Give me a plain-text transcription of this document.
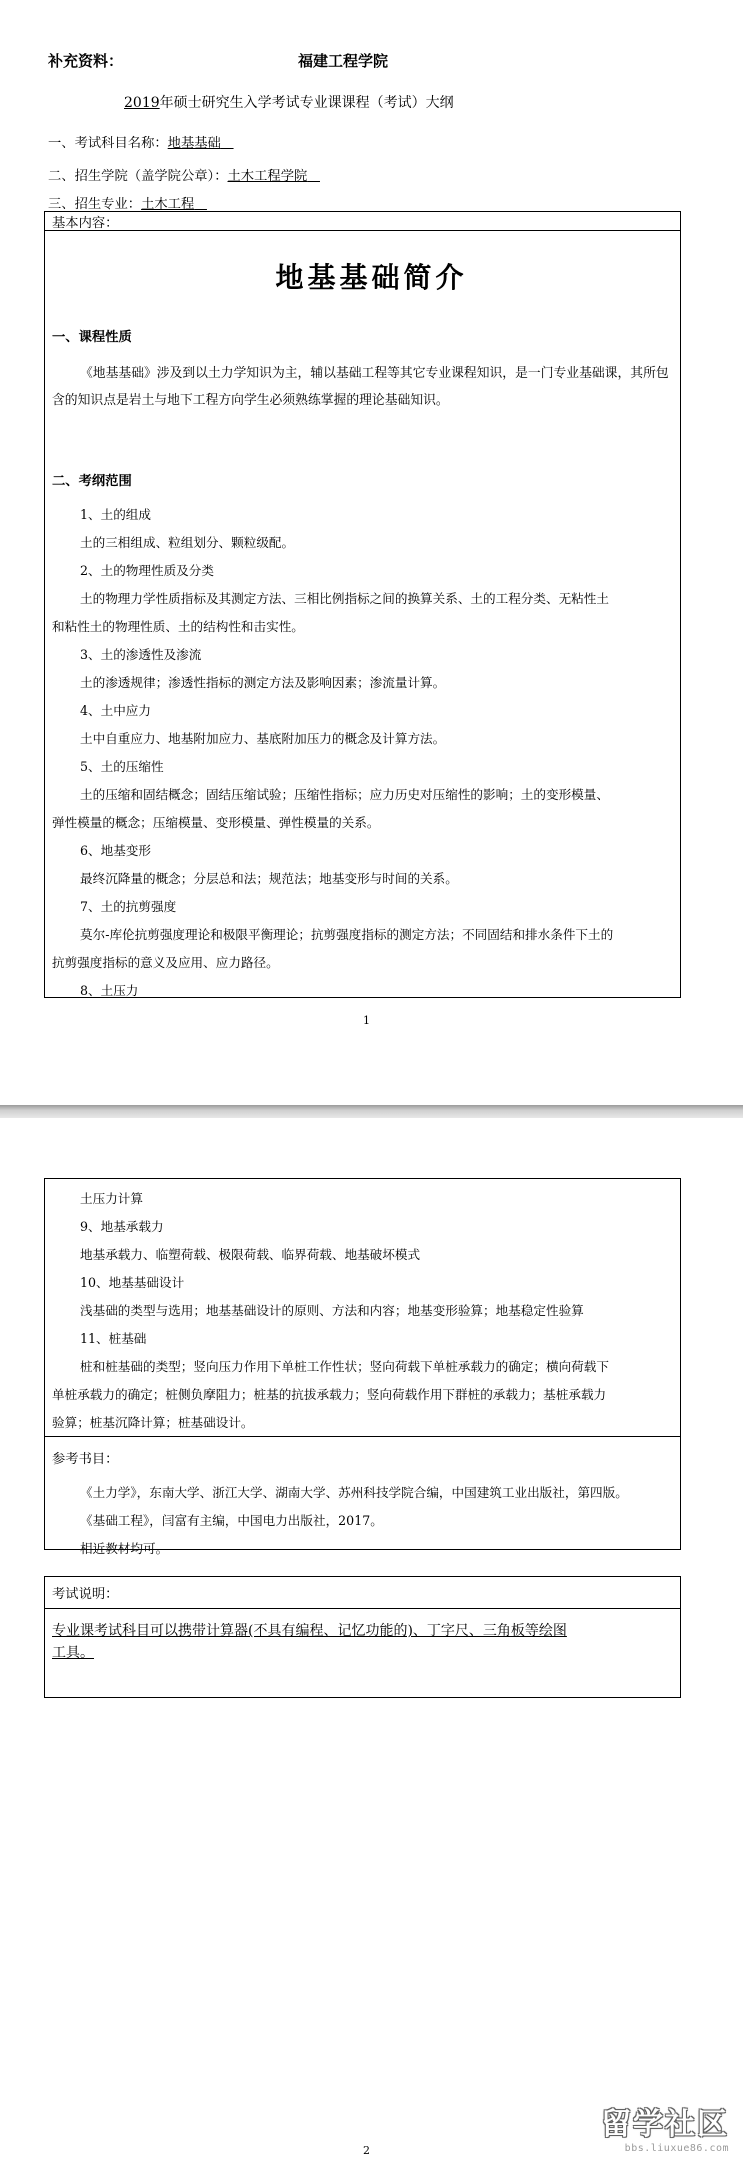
补充资料：	福建工程学院
2019年硕士研究生入学考试专业课课程（考试）大纲
一、考试科目名称：地基基础
二、招生学院（盖学院公章）：土木工程学院
三、招生专业：土木工程
基本内容：
地基基础简介
一、课程性质
《地基基础》涉及到以土力学知识为主，辅以基础工程等其它专业课程知识，是一门专业基础课，其所包含的知识点是岩土与地下工程方向学生必须熟练掌握的理论基础知识。
二、考纲范围
1、土的组成
土的三相组成、粒组划分、颗粒级配。
2、土的物理性质及分类
土的物理力学性质指标及其测定方法、三相比例指标之间的换算关系、土的工程分类、无粘性土
和粘性土的物理性质、土的结构性和击实性。
3、土的渗透性及渗流
土的渗透规律；渗透性指标的测定方法及影响因素；渗流量计算。
4、土中应力
土中自重应力、地基附加应力、基底附加压力的概念及计算方法。
5、土的压缩性
土的压缩和固结概念；固结压缩试验；压缩性指标；应力历史对压缩性的影响；土的变形模量、
弹性模量的概念；压缩模量、变形模量、弹性模量的关系。
6、地基变形
最终沉降量的概念；分层总和法；规范法；地基变形与时间的关系。
7、土的抗剪强度
莫尔-库伦抗剪强度理论和极限平衡理论；抗剪强度指标的测定方法；不同固结和排水条件下土的
抗剪强度指标的意义及应用、应力路径。
8、土压力
1
土压力计算
9、地基承载力
地基承载力、临塑荷载、极限荷载、临界荷载、地基破坏模式
10、地基基础设计
浅基础的类型与选用；地基基础设计的原则、方法和内容；地基变形验算；地基稳定性验算
11、桩基础
桩和桩基础的类型；竖向压力作用下单桩工作性状；竖向荷载下单桩承载力的确定；横向荷载下
单桩承载力的确定；桩侧负摩阻力；桩基的抗拔承载力；竖向荷载作用下群桩的承载力；基桩承载力
验算；桩基沉降计算；桩基础设计。
参考书目：
《土力学》，东南大学、浙江大学、湖南大学、苏州科技学院合编，中国建筑工业出版社，第四版。
《基础工程》，闫富有主编，中国电力出版社，2017。
相近教材均可。
考试说明：
专业课考试科目可以携带计算器(不具有编程、记忆功能的)、丁字尺、三角板等绘图
工具。
2
留学社区
bbs.liuxue86.com
